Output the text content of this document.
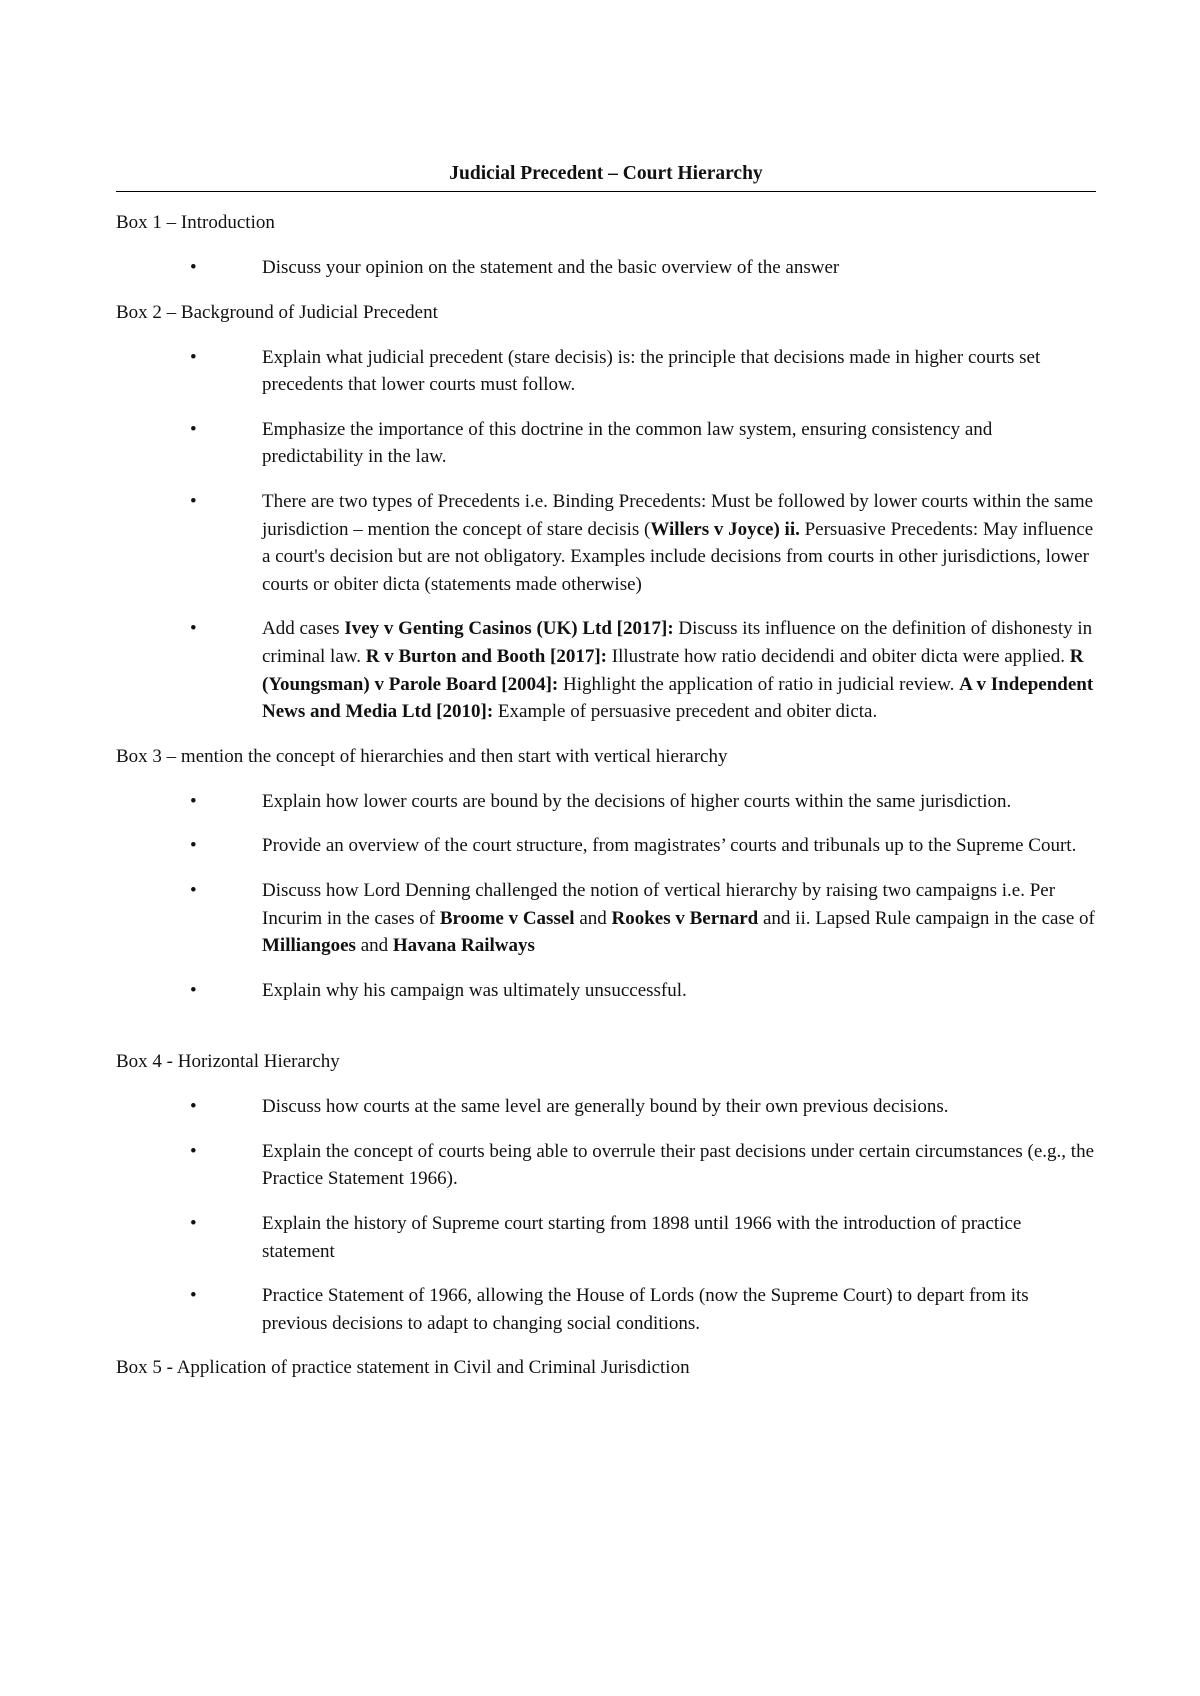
Judicial Precedent – Court Hierarchy

Box 1 – Introduction

•	Discuss your opinion on the statement and the basic overview of the answer

Box 2 – Background of Judicial Precedent

•	Explain what judicial precedent (stare decisis) is: the principle that decisions made in higher courts set precedents that lower courts must follow.
•	Emphasize the importance of this doctrine in the common law system, ensuring consistency and predictability in the law.
•	There are two types of Precedents i.e. Binding Precedents: Must be followed by lower courts within the same jurisdiction – mention the concept of stare decisis (Willers v Joyce) ii. Persuasive Precedents: May influence a court's decision but are not obligatory. Examples include decisions from courts in other jurisdictions, lower courts or obiter dicta (statements made otherwise)
•	Add cases Ivey v Genting Casinos (UK) Ltd [2017]: Discuss its influence on the definition of dishonesty in criminal law. R v Burton and Booth [2017]: Illustrate how ratio decidendi and obiter dicta were applied. R (Youngsman) v Parole Board [2004]: Highlight the application of ratio in judicial review. A v Independent News and Media Ltd [2010]: Example of persuasive precedent and obiter dicta.

Box 3 – mention the concept of hierarchies and then start with vertical hierarchy

•	Explain how lower courts are bound by the decisions of higher courts within the same jurisdiction.
•	Provide an overview of the court structure, from magistrates’ courts and tribunals up to the Supreme Court.
•	Discuss how Lord Denning challenged the notion of vertical hierarchy by raising two campaigns i.e. Per Incurim in the cases of Broome v Cassel and Rookes v Bernard and ii. Lapsed Rule campaign in the case of Milliangoes and Havana Railways
•	Explain why his campaign was ultimately unsuccessful.

Box 4 - Horizontal Hierarchy

•	Discuss how courts at the same level are generally bound by their own previous decisions.
•	Explain the concept of courts being able to overrule their past decisions under certain circumstances (e.g., the Practice Statement 1966).
•	Explain the history of Supreme court starting from 1898 until 1966 with the introduction of practice statement
•	Practice Statement of 1966, allowing the House of Lords (now the Supreme Court) to depart from its previous decisions to adapt to changing social conditions.

Box 5 - Application of practice statement in Civil and Criminal Jurisdiction
